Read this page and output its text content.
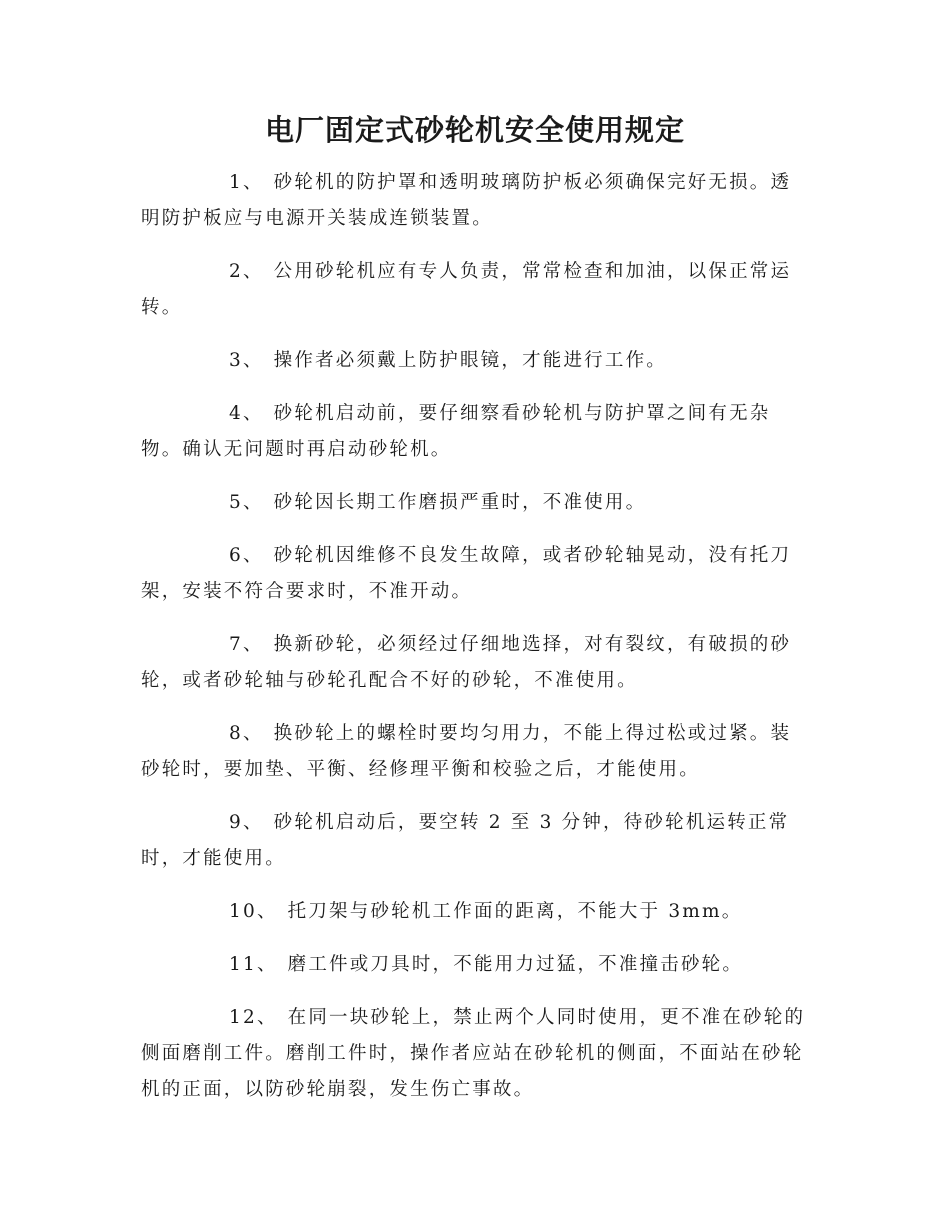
电厂固定式砂轮机安全使用规定

1、 砂轮机的防护罩和透明玻璃防护板必须确保完好无损。透明防护板应与电源开关装成连锁装置。

2、 公用砂轮机应有专人负责，常常检查和加油，以保正常运转。

3、 操作者必须戴上防护眼镜，才能进行工作。

4、 砂轮机启动前，要仔细察看砂轮机与防护罩之间有无杂物。确认无问题时再启动砂轮机。

5、 砂轮因长期工作磨损严重时，不准使用。

6、 砂轮机因维修不良发生故障，或者砂轮轴晃动，没有托刀架，安装不符合要求时，不准开动。

7、 换新砂轮，必须经过仔细地选择，对有裂纹，有破损的砂轮，或者砂轮轴与砂轮孔配合不好的砂轮，不准使用。

8、 换砂轮上的螺栓时要均匀用力，不能上得过松或过紧。装砂轮时，要加垫、平衡、经修理平衡和校验之后，才能使用。

9、 砂轮机启动后，要空转 2 至 3 分钟，待砂轮机运转正常时，才能使用。

10、 托刀架与砂轮机工作面的距离，不能大于 3mm。

11、 磨工件或刀具时，不能用力过猛，不准撞击砂轮。

12、 在同一块砂轮上，禁止两个人同时使用，更不准在砂轮的侧面磨削工件。磨削工件时，操作者应站在砂轮机的侧面，不面站在砂轮机的正面，以防砂轮崩裂，发生伤亡事故。
